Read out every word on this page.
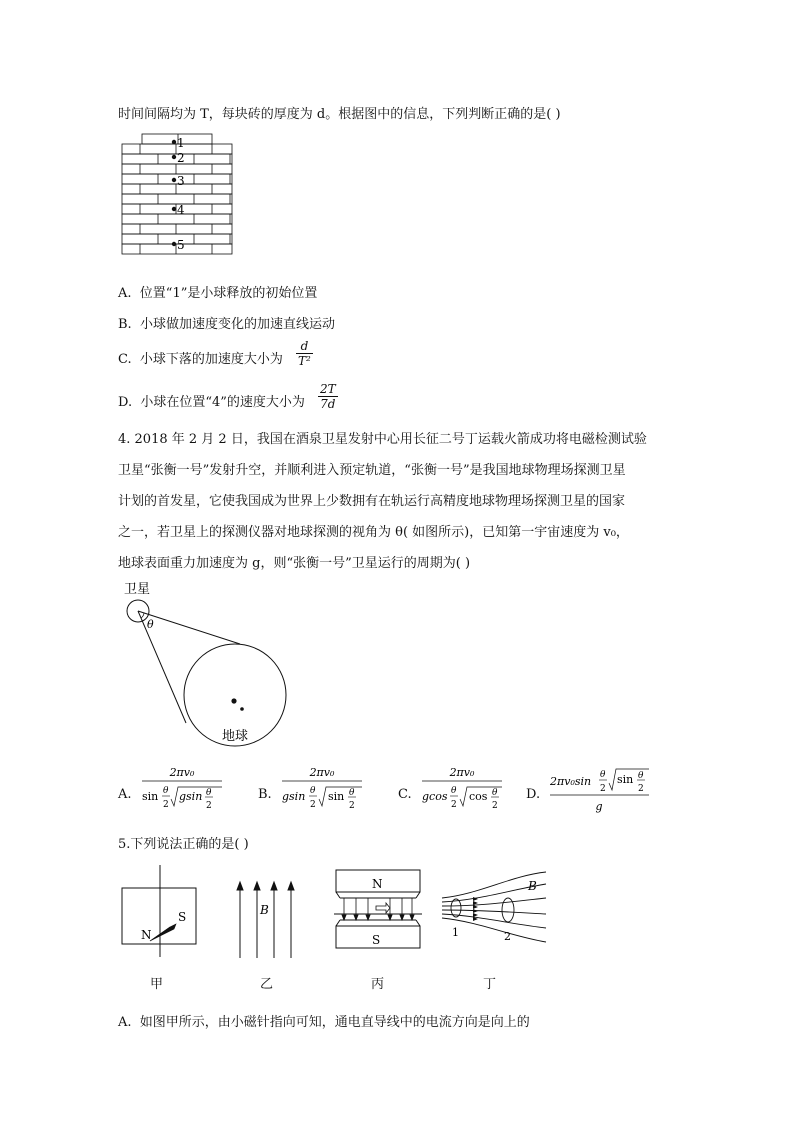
时间间隔均为 T，每块砖的厚度为 d。根据图中的信息，下列判断正确的是( )
1
2
3
4
5
A. 位置“1”是小球释放的初始位置
B. 小球做加速度变化的加速直线运动
C. 小球下落的加速度大小为 $\frac{d}{\text{T²}}$
D. 小球在位置“4”的速度大小为 $\frac{2T}{7d}$
4. 2018 年 2 月 2 日，我国在酒泉卫星发射中心用长征二号丁运载火箭成功将电磁检测试验
卫星“张衡一号”发射升空，并顺利进入预定轨道，“张衡一号”是我国地球物理场探测卫星
计划的首发星，它使我国成为世界上少数拥有在轨运行高精度地球物理场探测卫星的国家
之一，若卫星上的探测仪器对地球探测的视角为 θ( 如图所示)，已知第一宇宙速度为 v₀，
地球表面重力加速度为 g，则“张衡一号”卫星运行的周期为( )
卫星
θ
地球
A.
2πv₀
sin θ
2
gsin θ
2
B.
2πv₀
gsin θ
2
sin θ
2
C.
2πv₀
gcos θ
2
cos θ
2
D.
2πv₀sin θ
2
sin θ
2
g
5.下列说法正确的是( )
N
S	B
N
S
B
1	2
甲	乙	丙	丁
A. 如图甲所示，由小磁针指向可知，通电直导线中的电流方向是向上的
